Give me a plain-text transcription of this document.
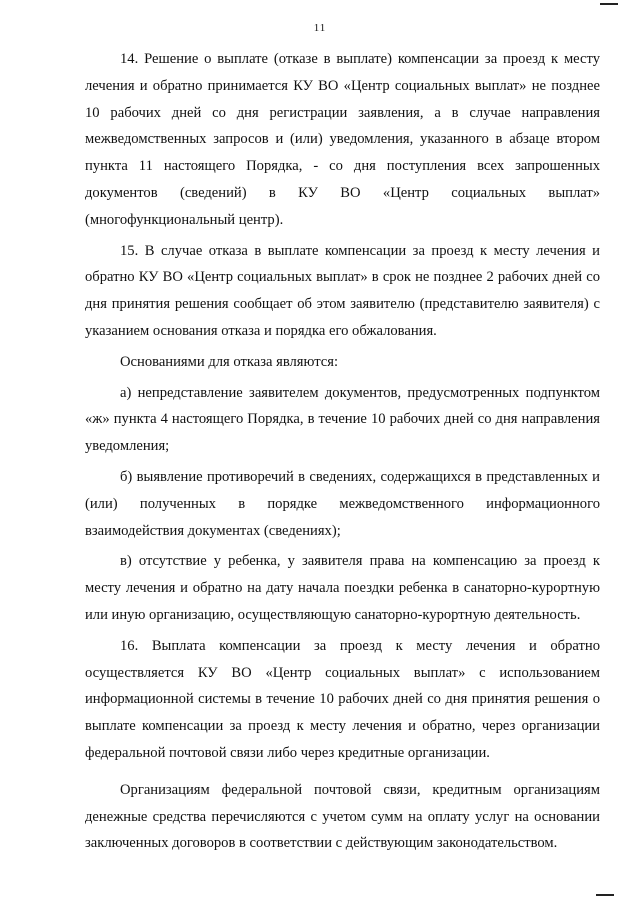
11

14. Решение о выплате (отказе в выплате) компенсации за проезд к месту лечения и обратно принимается КУ ВО «Центр социальных выплат» не позднее 10 рабочих дней со дня регистрации заявления, а в случае направления межведомственных запросов и (или) уведомления, указанного в абзаце втором пункта 11 настоящего Порядка, - со дня поступления всех запрошенных документов (сведений) в КУ ВО «Центр социальных выплат» (многофункциональный центр).

15. В случае отказа в выплате компенсации за проезд к месту лечения и обратно КУ ВО «Центр социальных выплат» в срок не позднее 2 рабочих дней со дня принятия решения сообщает об этом заявителю (представителю заявителя) с указанием основания отказа и порядка его обжалования.

Основаниями для отказа являются:

а) непредставление заявителем документов, предусмотренных подпунктом «ж» пункта 4 настоящего Порядка, в течение 10 рабочих дней со дня направления уведомления;

б) выявление противоречий в сведениях, содержащихся в представленных и (или) полученных в порядке межведомственного информационного взаимодействия документах (сведениях);

в) отсутствие у ребенка, у заявителя права на компенсацию за проезд к месту лечения и обратно на дату начала поездки ребенка в санаторно-курортную или иную организацию, осуществляющую санаторно-курортную деятельность.

16. Выплата компенсации за проезд к месту лечения и обратно осуществляется КУ ВО «Центр социальных выплат» с использованием информационной системы в течение 10 рабочих дней со дня принятия решения о выплате компенсации за проезд к месту лечения и обратно, через организации федеральной почтовой связи либо через кредитные организации.

Организациям федеральной почтовой связи, кредитным организациям денежные средства перечисляются с учетом сумм на оплату услуг на основании заключенных договоров в соответствии с действующим законодательством.
